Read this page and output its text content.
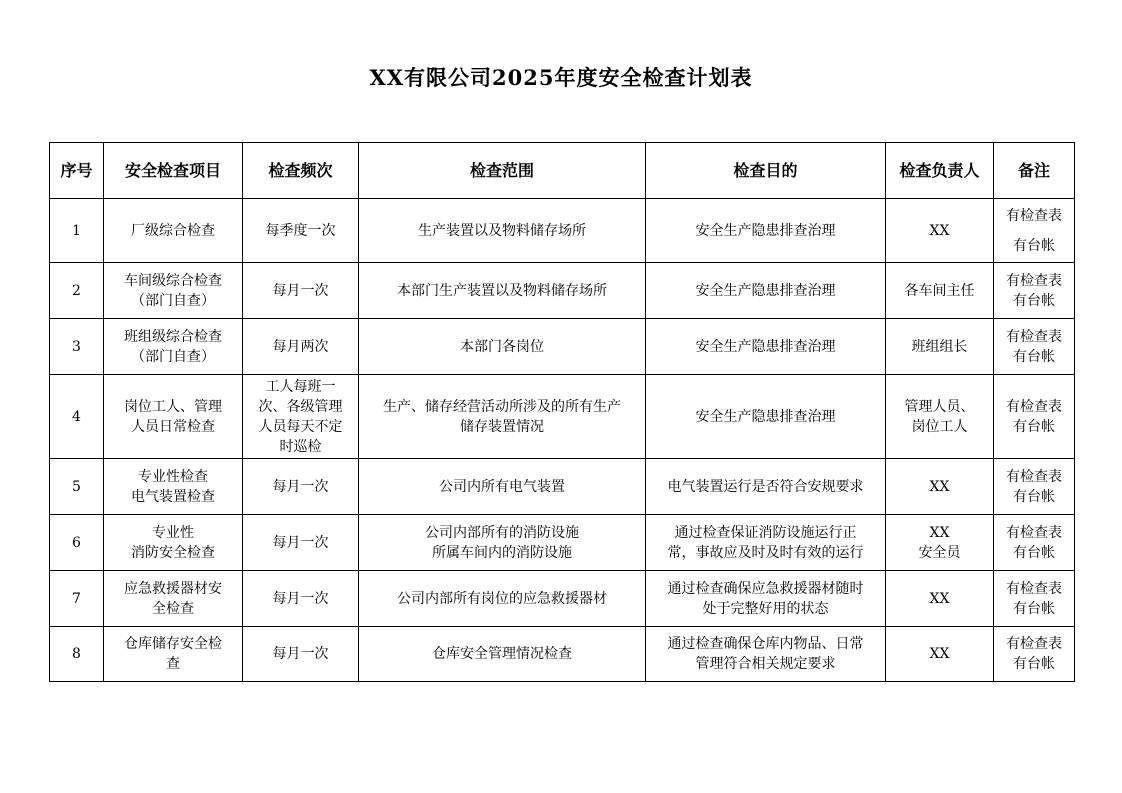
XX有限公司2025年度安全检查计划表
序号	安全检查项目	检查频次	检查范围	检查目的	检查负责人	备注
1	厂级综合检查	每季度一次	生产装置以及物料储存场所	安全生产隐患排查治理	XX	有检查表
有台帐

2	车间级综合检查
（部门自查）	每月一次	本部门生产装置以及物料储存场所	安全生产隐患排查治理	各车间主任	有检查表
有台帐

3	班组级综合检查
（部门自查）	每月两次	本部门各岗位	安全生产隐患排查治理	班组组长	有检查表
有台帐

4	岗位工人、管理
人员日常检查	工人每班一
次、各级管理
人员每天不定
时巡检	生产、储存经营活动所涉及的所有生产
储存装置情况	安全生产隐患排查治理	管理人员、
岗位工人	有检查表
有台帐

5	专业性检查
电气装置检查	每月一次	公司内所有电气装置	电气装置运行是否符合安规要求	XX	有检查表
有台帐

6	专业性
消防安全检查	每月一次	公司内部所有的消防设施
所属车间内的消防设施	通过检查保证消防设施运行正
常，事故应及时及时有效的运行	XX
安全员	有检查表
有台帐

7	应急救援器材安
全检查	每月一次	公司内部所有岗位的应急救援器材	通过检查确保应急救援器材随时
处于完整好用的状态	XX	有检查表
有台帐

8	仓库储存安全检
查	每月一次	仓库安全管理情况检查	通过检查确保仓库内物品、日常
管理符合相关规定要求	XX	有检查表
有台帐
